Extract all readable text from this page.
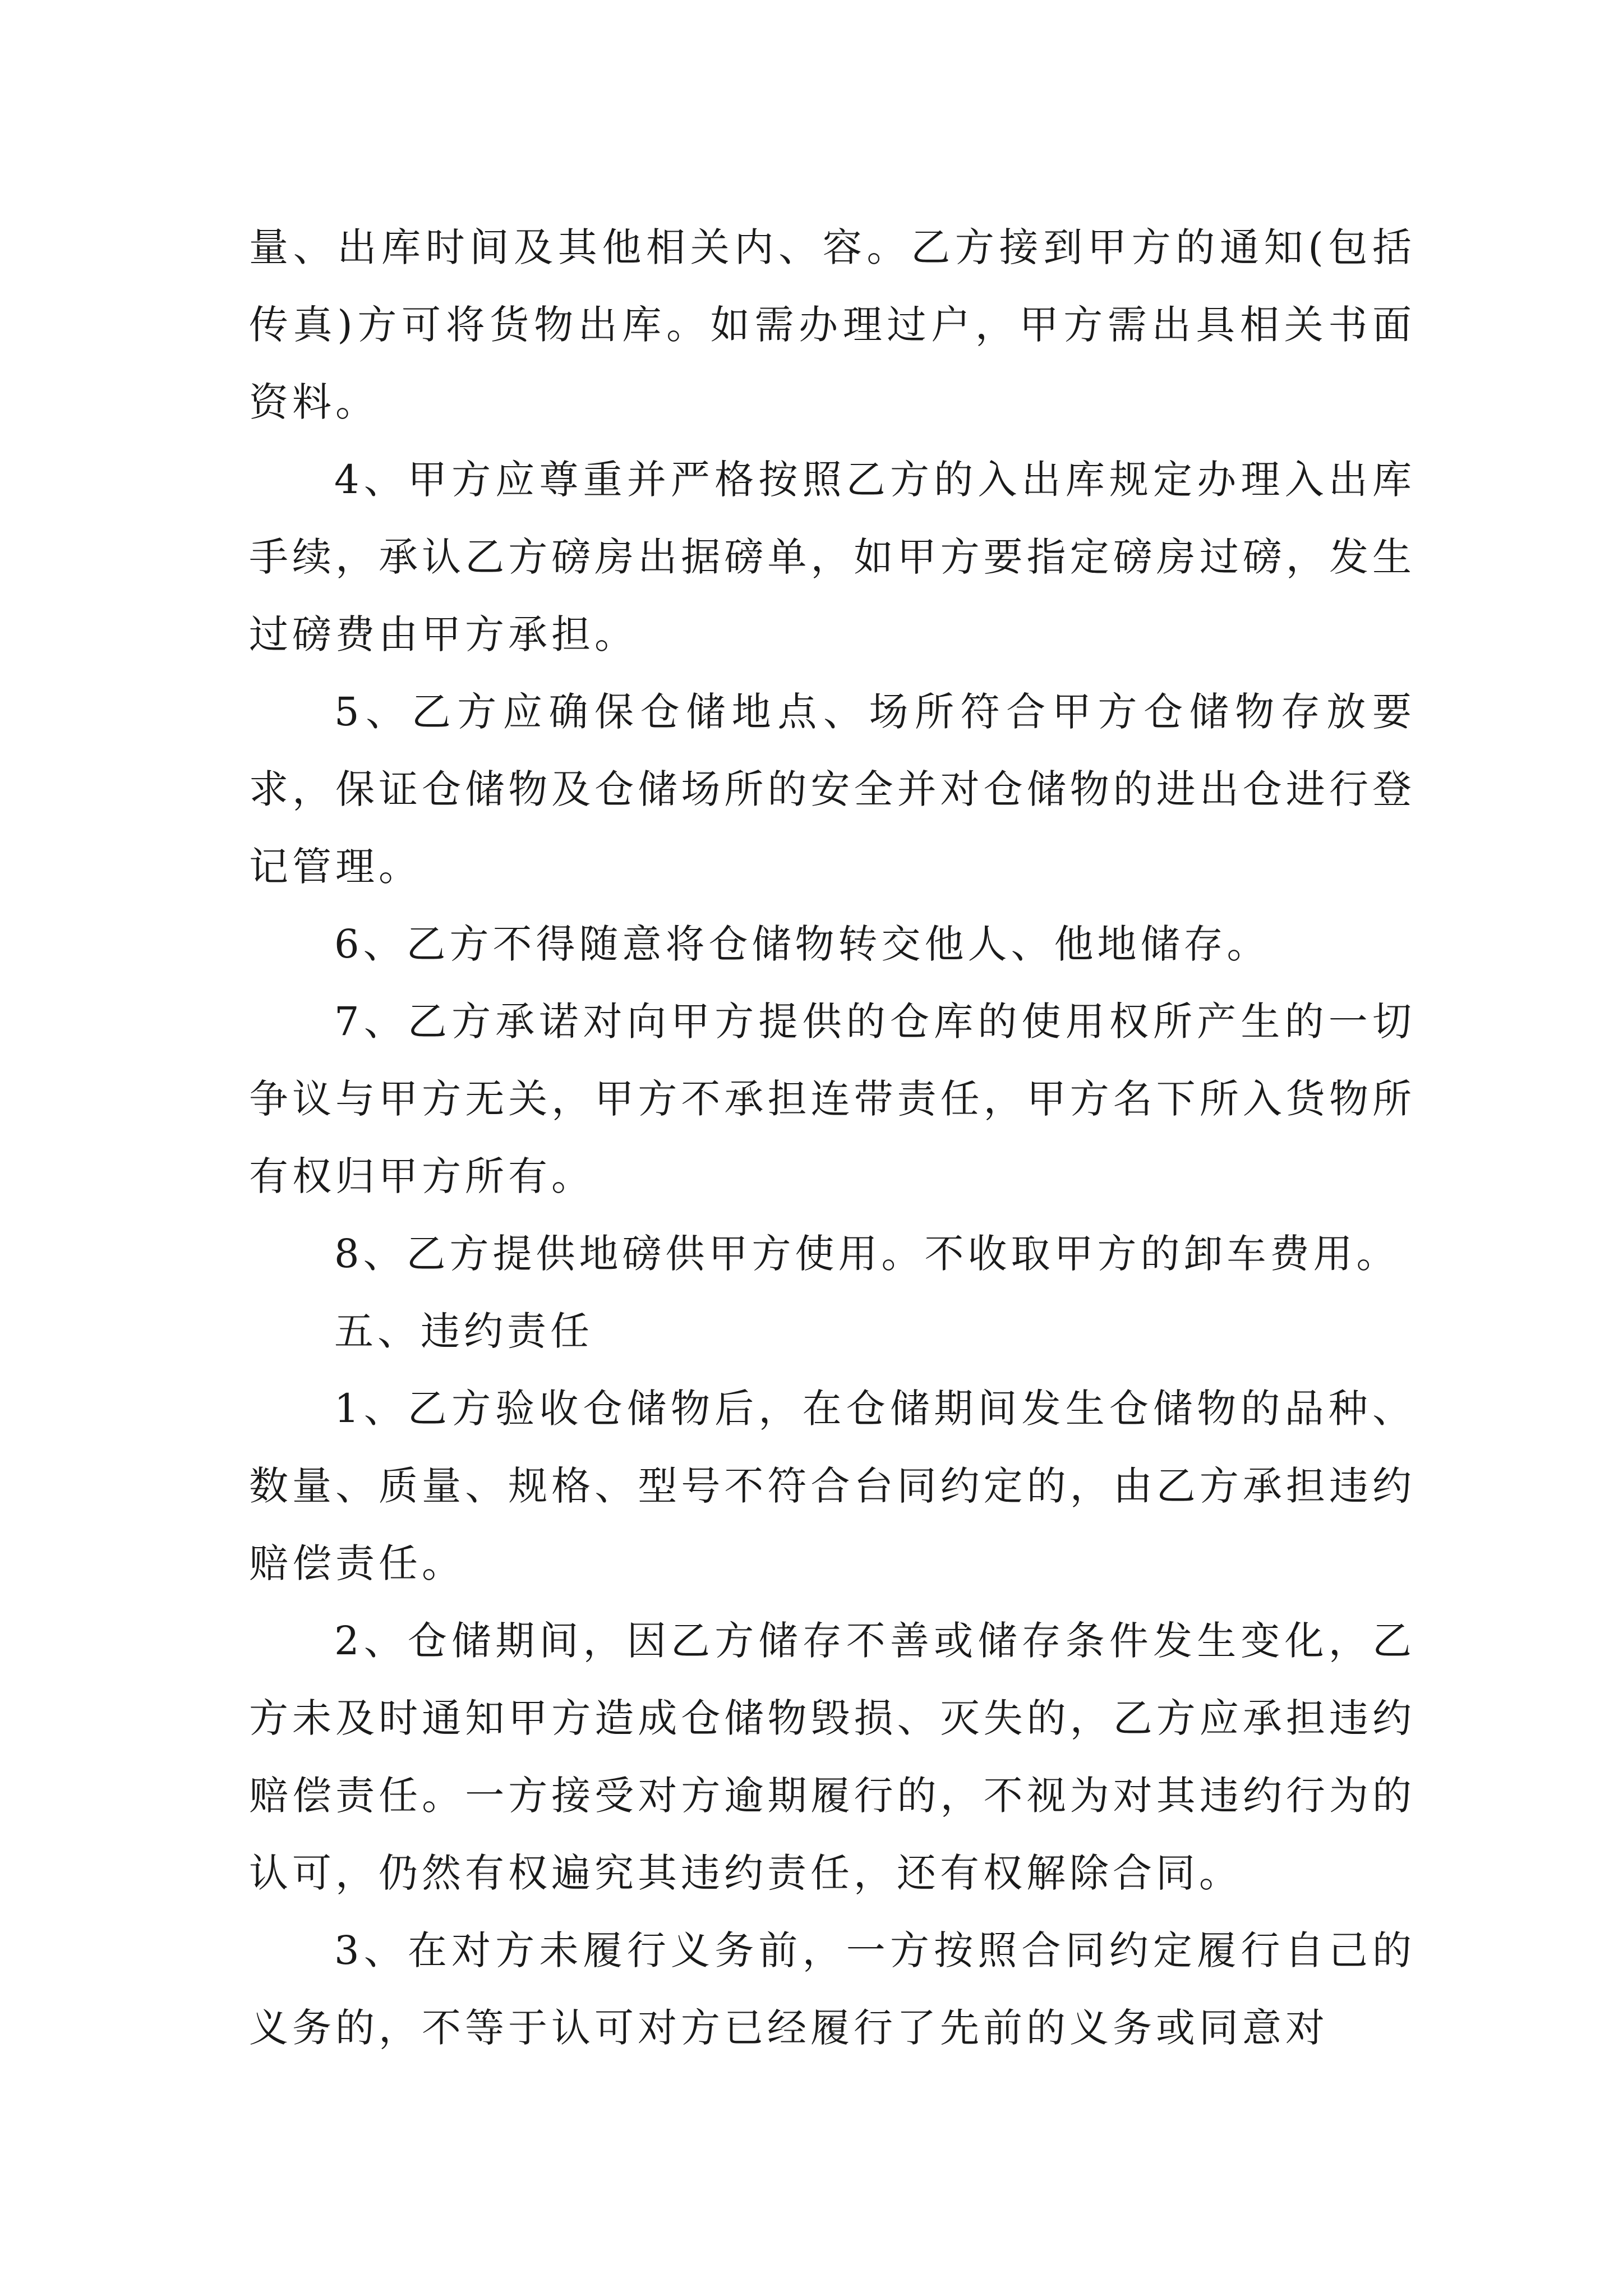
量、出库时间及其他相关内、容。乙方接到甲方的通知(包括传真)方可将货物出库。如需办理过户，甲方需出具相关书面资料。

4、甲方应尊重并严格按照乙方的入出库规定办理入出库手续，承认乙方磅房出据磅单，如甲方要指定磅房过磅，发生过磅费由甲方承担。

5、乙方应确保仓储地点、场所符合甲方仓储物存放要求，保证仓储物及仓储场所的安全并对仓储物的进出仓进行登记管理。

6、乙方不得随意将仓储物转交他人、他地储存。

7、乙方承诺对向甲方提供的仓库的使用权所产生的一切争议与甲方无关，甲方不承担连带责任，甲方名下所入货物所有权归甲方所有。

8、乙方提供地磅供甲方使用。不收取甲方的卸车费用。

五、违约责任

1、乙方验收仓储物后，在仓储期间发生仓储物的品种、数量、质量、规格、型号不符合台同约定的，由乙方承担违约赔偿责任。

2、仓储期间，因乙方储存不善或储存条件发生变化，乙方未及时通知甲方造成仓储物毁损、灭失的，乙方应承担违约赔偿责任。一方接受对方逾期履行的，不视为对其违约行为的认可，仍然有权遍究其违约责任，还有权解除合同。

3、在对方未履行义务前，一方按照合同约定履行自己的义务的，不等于认可对方已经履行了先前的义务或同意对
